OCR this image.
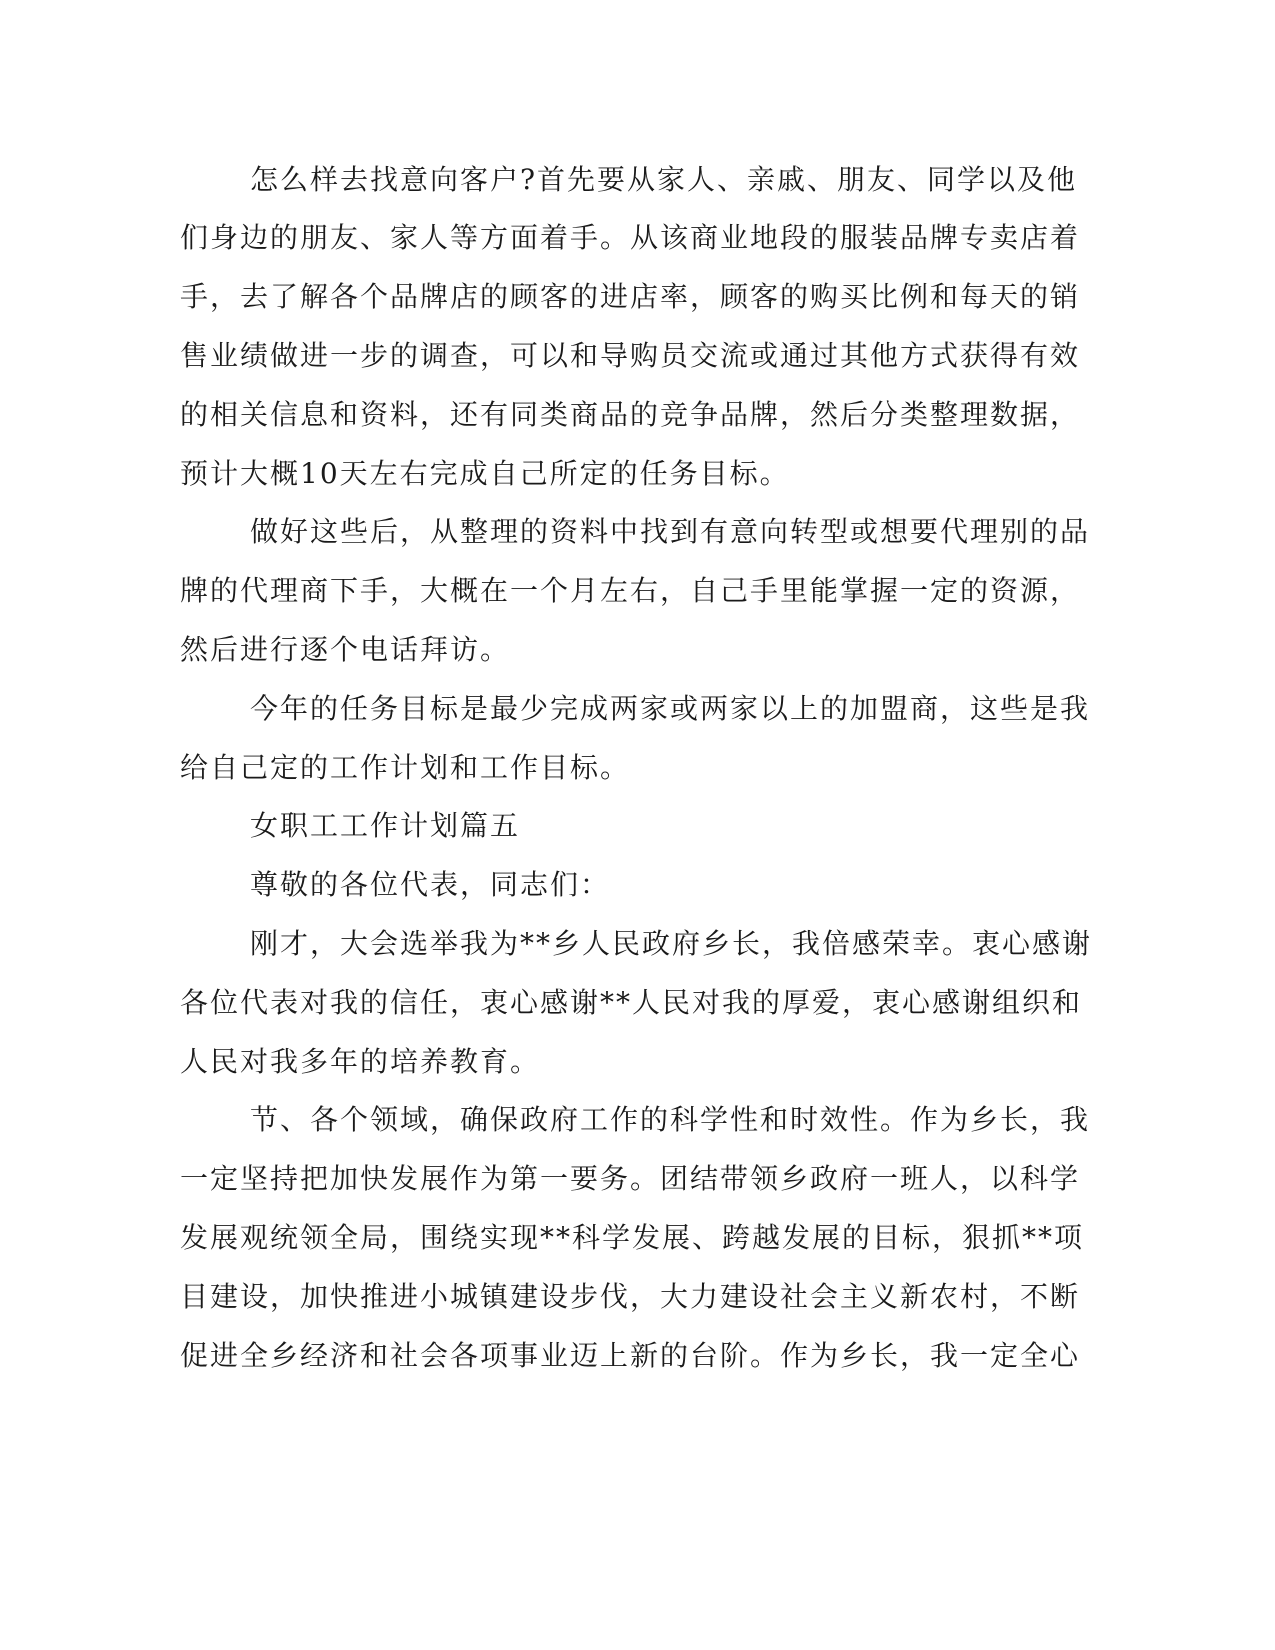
怎么样去找意向客户?首先要从家人、亲戚、朋友、同学以及他
们身边的朋友、家人等方面着手。从该商业地段的服装品牌专卖店着
手，去了解各个品牌店的顾客的进店率，顾客的购买比例和每天的销
售业绩做进一步的调查，可以和导购员交流或通过其他方式获得有效
的相关信息和资料，还有同类商品的竞争品牌，然后分类整理数据，
预计大概10天左右完成自己所定的任务目标。
做好这些后，从整理的资料中找到有意向转型或想要代理别的品
牌的代理商下手，大概在一个月左右，自己手里能掌握一定的资源，
然后进行逐个电话拜访。
今年的任务目标是最少完成两家或两家以上的加盟商，这些是我
给自己定的工作计划和工作目标。
女职工工作计划篇五
尊敬的各位代表，同志们：
刚才，大会选举我为**乡人民政府乡长，我倍感荣幸。衷心感谢
各位代表对我的信任，衷心感谢**人民对我的厚爱，衷心感谢组织和
人民对我多年的培养教育。
节、各个领域，确保政府工作的科学性和时效性。作为乡长，我
一定坚持把加快发展作为第一要务。团结带领乡政府一班人，以科学
发展观统领全局，围绕实现**科学发展、跨越发展的目标，狠抓**项
目建设，加快推进小城镇建设步伐，大力建设社会主义新农村，不断
促进全乡经济和社会各项事业迈上新的台阶。作为乡长，我一定全心
